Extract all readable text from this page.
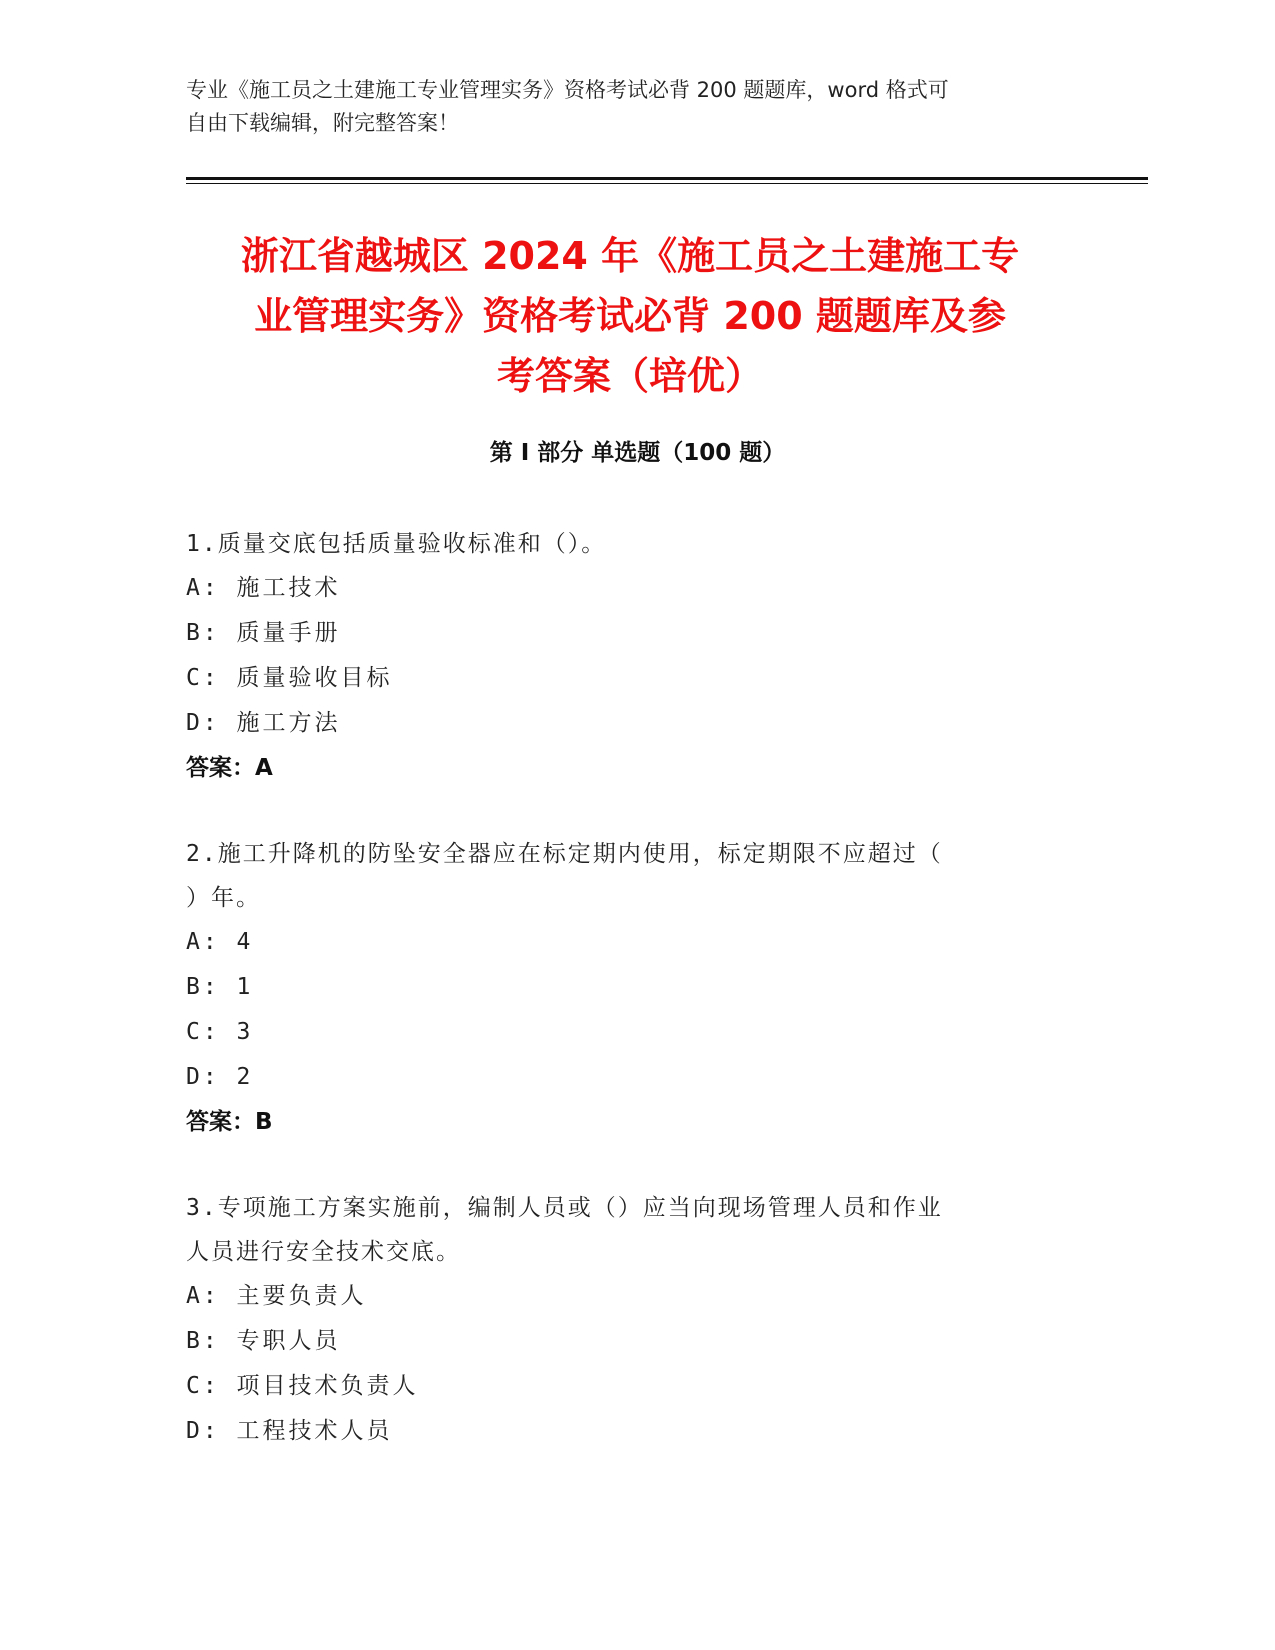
专业《施工员之土建施工专业管理实务》资格考试必背 200 题题库，word 格式可
自由下载编辑，附完整答案！
浙江省越城区 2024 年《施工员之土建施工专
业管理实务》资格考试必背 200 题题库及参
考答案（培优）
第 I 部分 单选题（100 题）
1.质量交底包括质量验收标准和（）。
A: 施工技术
B: 质量手册
C: 质量验收目标
D: 施工方法
答案：A
2.施工升降机的防坠安全器应在标定期内使用，标定期限不应超过（
）年。
A: 4
B: 1
C: 3
D: 2
答案：B
3.专项施工方案实施前，编制人员或（）应当向现场管理人员和作业
人员进行安全技术交底。
A: 主要负责人
B: 专职人员
C: 项目技术负责人
D: 工程技术人员
